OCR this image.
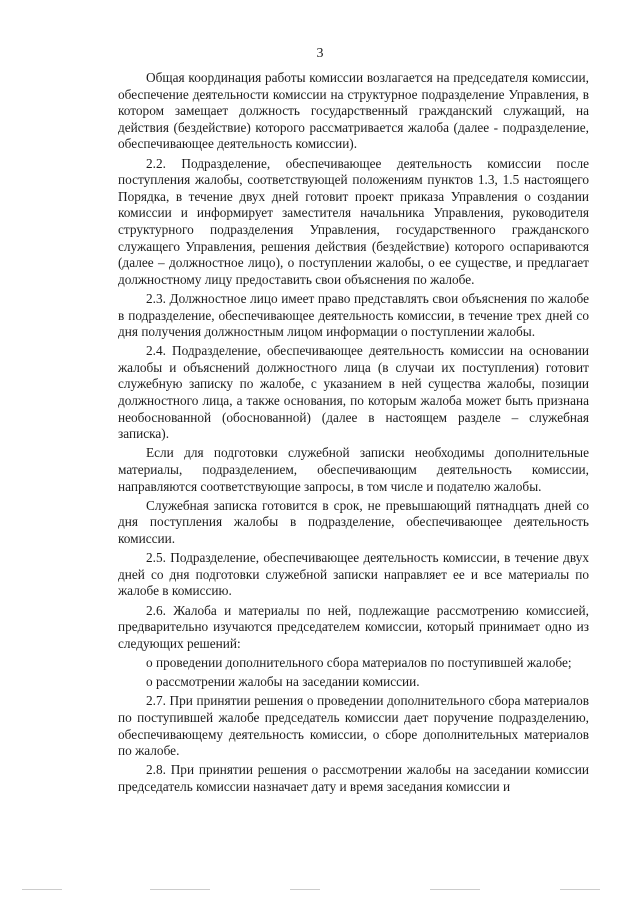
3

Общая координация работы комиссии возлагается на председателя комиссии, обеспечение деятельности комиссии на структурное подразделение Управления, в котором замещает должность государственный гражданский служащий, на действия (бездействие) которого рассматривается жалоба (далее - подразделение, обеспечивающее деятельность комиссии).

2.2. Подразделение, обеспечивающее деятельность комиссии после поступления жалобы, соответствующей положениям пунктов 1.3, 1.5 настоящего Порядка, в течение двух дней готовит проект приказа Управления о создании комиссии и информирует заместителя начальника Управления, руководителя структурного подразделения Управления, государственного гражданского служащего Управления, решения действия (бездействие) которого оспариваются (далее – должностное лицо), о поступлении жалобы, о ее существе, и предлагает должностному лицу предоставить свои объяснения по жалобе.

2.3. Должностное лицо имеет право представлять свои объяснения по жалобе в подразделение, обеспечивающее деятельность комиссии, в течение трех дней со дня получения должностным лицом информации о поступлении жалобы.

2.4. Подразделение, обеспечивающее деятельность комиссии на основании жалобы и объяснений должностного лица (в случаи их поступления) готовит служебную записку по жалобе, с указанием в ней существа жалобы, позиции должностного лица, а также основания, по которым жалоба может быть признана необоснованной (обоснованной) (далее в настоящем разделе – служебная записка).

Если для подготовки служебной записки необходимы дополнительные материалы, подразделением, обеспечивающим деятельность комиссии, направляются соответствующие запросы, в том числе и подателю жалобы.

Служебная записка готовится в срок, не превышающий пятнадцать дней со дня поступления жалобы в подразделение, обеспечивающее деятельность комиссии.

2.5. Подразделение, обеспечивающее деятельность комиссии, в течение двух дней со дня подготовки служебной записки направляет ее и все материалы по жалобе в комиссию.

2.6. Жалоба и материалы по ней, подлежащие рассмотрению комиссией, предварительно изучаются председателем комиссии, который принимает одно из следующих решений:

о проведении дополнительного сбора материалов по поступившей жалобе;

о рассмотрении жалобы на заседании комиссии.

2.7. При принятии решения о проведении дополнительного сбора материалов по поступившей жалобе председатель комиссии дает поручение подразделению, обеспечивающему деятельность комиссии, о сборе дополнительных материалов по жалобе.

2.8. При принятии решения о рассмотрении жалобы на заседании комиссии председатель комиссии назначает дату и время заседания комиссии и
